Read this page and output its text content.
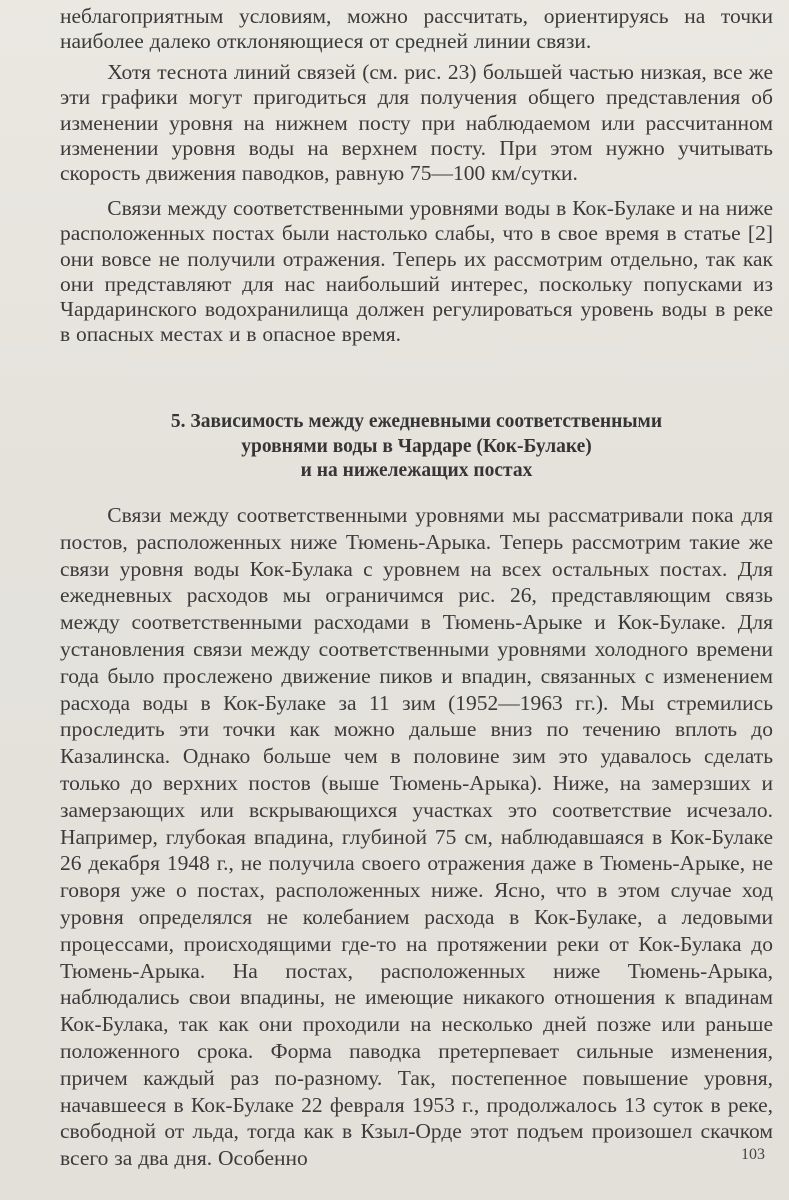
неблагоприятным условиям, можно рассчитать, ориентируясь на точки наиболее далеко отклоняющиеся от средней линии связи.

Хотя теснота линий связей (см. рис. 23) большей частью низкая, все же эти графики могут пригодиться для получения общего представления об изменении уровня на нижнем посту при наблюдаемом или рассчитанном изменении уровня воды на верхнем посту. При этом нужно учитывать скорость движения паводков, равную 75—100 км/сутки.

Связи между соответственными уровнями воды в Кок-Булаке и на ниже расположенных постах были настолько слабы, что в свое время в статье [2] они вовсе не получили отражения. Теперь их рассмотрим отдельно, так как они представляют для нас наибольший интерес, поскольку попусками из Чардаринского водохранилища должен регулироваться уровень воды в реке в опасных местах и в опасное время.

5. Зависимость между ежедневными соответственными
уровнями воды в Чардаре (Кок-Булаке)
и на нижележащих постах

Связи между соответственными уровнями мы рассматривали пока для постов, расположенных ниже Тюмень-Арыка. Теперь рассмотрим такие же связи уровня воды Кок-Булака с уровнем на всех остальных постах. Для ежедневных расходов мы ограничимся рис. 26, представляющим связь между соответственными расходами в Тюмень-Арыке и Кок-Булаке. Для установления связи между соответственными уровнями холодного времени года было прослежено движение пиков и впадин, связанных с изменением расхода воды в Кок-Булаке за 11 зим (1952—1963 гг.). Мы стремились проследить эти точки как можно дальше вниз по течению вплоть до Казалинска. Однако больше чем в половине зим это удавалось сделать только до верхних постов (выше Тюмень-Арыка). Ниже, на замерзших и замерзающих или вскрывающихся участках это соответствие исчезало. Например, глубокая впадина, глубиной 75 см, наблюдавшаяся в Кок-Булаке 26 декабря 1948 г., не получила своего отражения даже в Тюмень-Арыке, не говоря уже о постах, расположенных ниже. Ясно, что в этом случае ход уровня определялся не колебанием расхода в Кок-Булаке, а ледовыми процессами, происходящими где-то на протяжении реки от Кок-Булака до Тюмень-Арыка. На постах, расположенных ниже Тюмень-Арыка, наблюдались свои впадины, не имеющие никакого отношения к впадинам Кок-Булака, так как они проходили на несколько дней позже или раньше положенного срока. Форма паводка претерпевает сильные изменения, причем каждый раз по-разному. Так, постепенное повышение уровня, начавшееся в Кок-Булаке 22 февраля 1953 г., продолжалось 13 суток в реке, свободной от льда, тогда как в Кзыл-Орде этот подъем произошел скачком всего за два дня. Особенно	103
